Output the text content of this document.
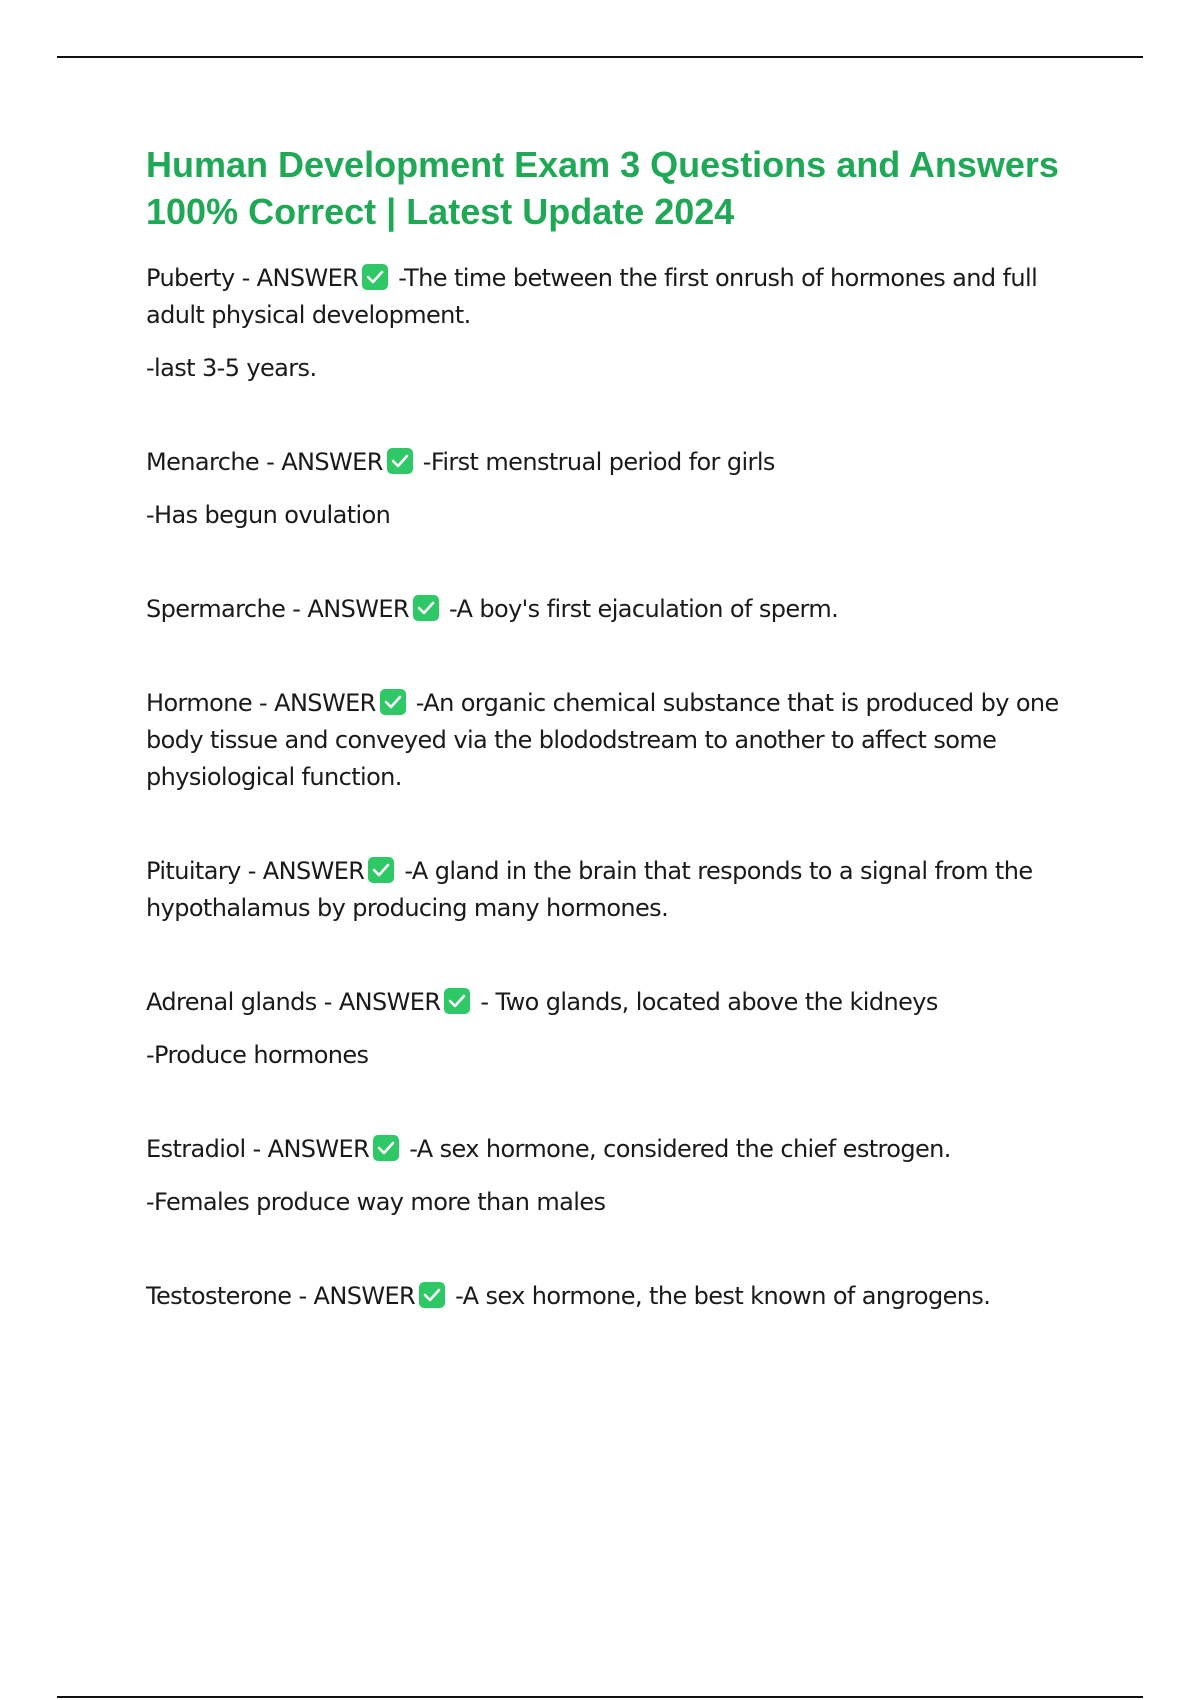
Human Development Exam 3 Questions and Answers
100% Correct | Latest Update 2024

Puberty - ANSWER -The time between the first onrush of hormones and full adult physical development.

-last 3-5 years.

Menarche - ANSWER -First menstrual period for girls

-Has begun ovulation

Spermarche - ANSWER -A boy's first ejaculation of sperm.

Hormone - ANSWER -An organic chemical substance that is produced by one body tissue and conveyed via the blododstream to another to affect some physiological function.

Pituitary - ANSWER -A gland in the brain that responds to a signal from the hypothalamus by producing many hormones.

Adrenal glands - ANSWER - Two glands, located above the kidneys

-Produce hormones

Estradiol - ANSWER -A sex hormone, considered the chief estrogen.

-Females produce way more than males

Testosterone - ANSWER -A sex hormone, the best known of angrogens.
